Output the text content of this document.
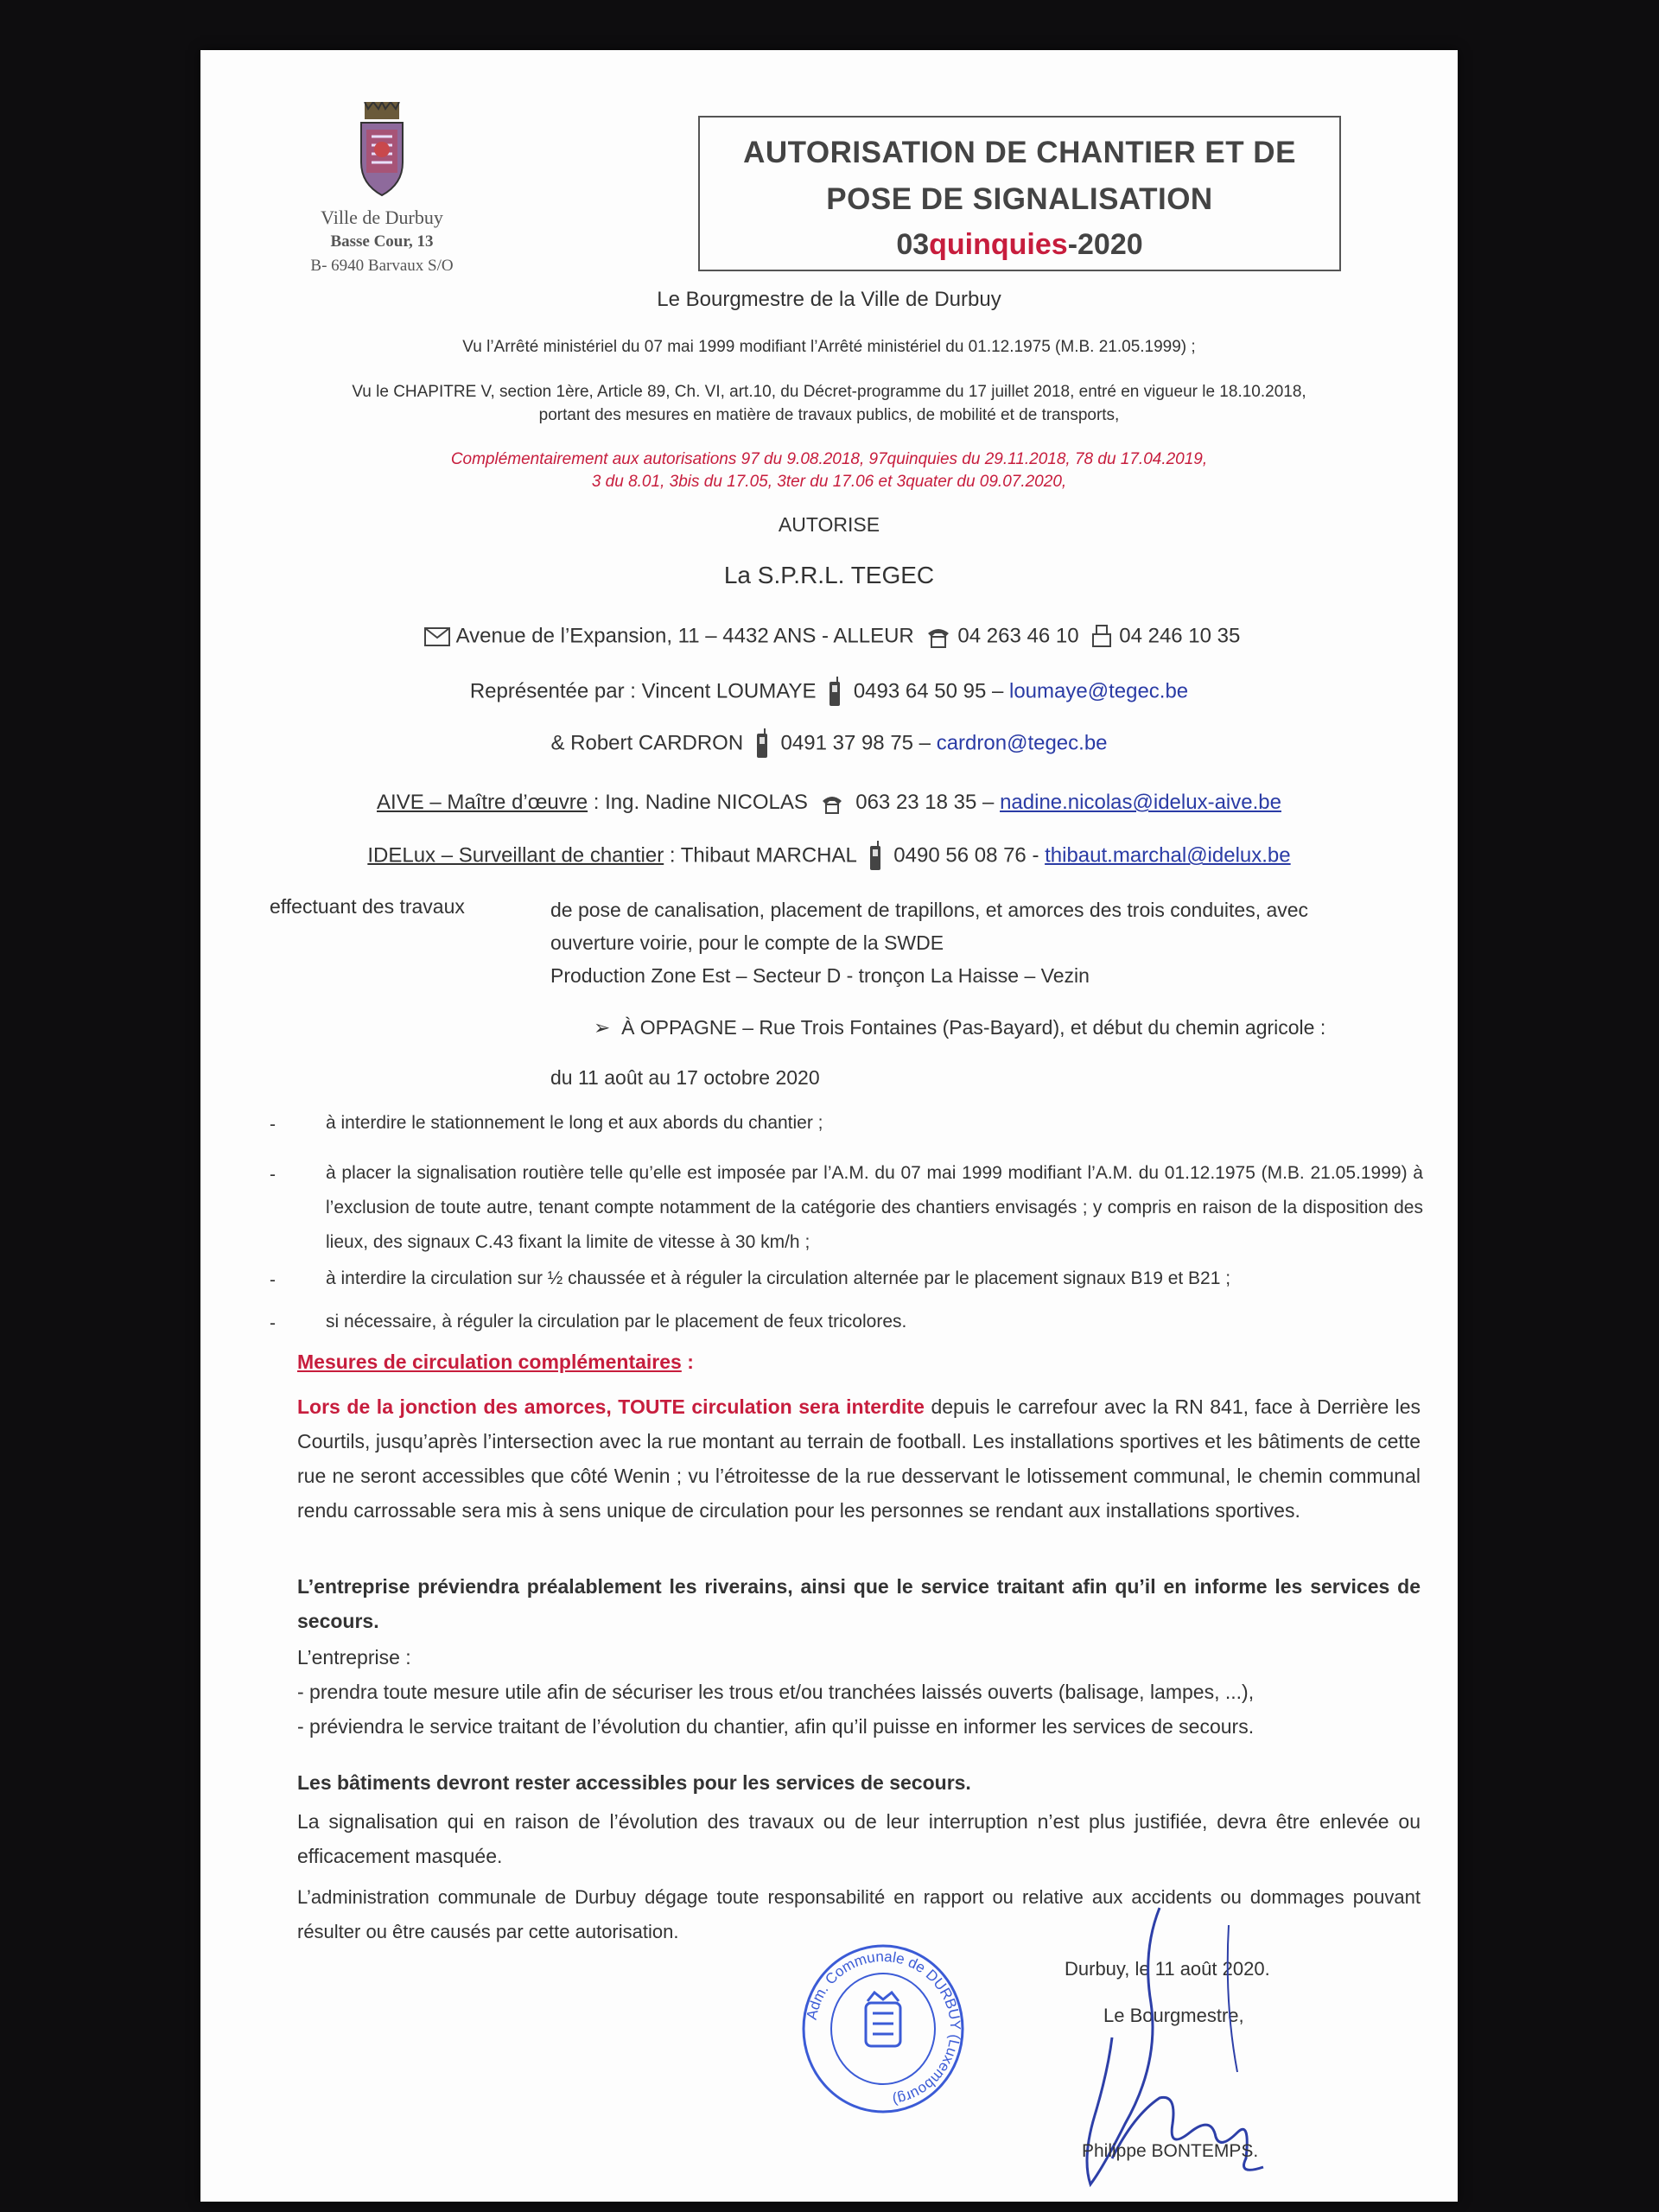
Ville de Durbuy
Basse Cour, 13
B- 6940 Barvaux S/O
AUTORISATION DE CHANTIER ET DE
POSE DE SIGNALISATION
03quinquies-2020
Le Bourgmestre de la Ville de Durbuy
Vu l’Arrêté ministériel du 07 mai 1999 modifiant l’Arrêté ministériel du 01.12.1975 (M.B. 21.05.1999) ;
Vu le CHAPITRE V, section 1ère, Article 89, Ch. VI, art.10, du Décret-programme du 17 juillet 2018, entré en vigueur le 18.10.2018,
portant des mesures en matière de travaux publics, de mobilité et de transports,
Complémentairement aux autorisations 97 du 9.08.2018, 97quinquies du 29.11.2018, 78 du 17.04.2019,
3 du 8.01, 3bis du 17.05, 3ter du 17.06 et 3quater du 09.07.2020,
AUTORISE
La S.P.R.L. TEGEC
Avenue de l’Expansion, 11 – 4432 ANS - ALLEUR 04 263 46 10 04 246 10 35
Représentée par : Vincent LOUMAYE 0493 64 50 95 – loumaye@tegec.be
& Robert CARDRON 0491 37 98 75 – cardron@tegec.be
AIVE – Maître d’œuvre : Ing. Nadine NICOLAS 063 23 18 35 – nadine.nicolas@idelux-aive.be
IDELux – Surveillant de chantier : Thibaut MARCHAL 0490 56 08 76 - thibaut.marchal@idelux.be
effectuant des travaux	de pose de canalisation, placement de trapillons, et amorces des trois conduites, avec
ouverture voirie, pour le compte de la SWDE
Production Zone Est – Secteur D - tronçon La Haisse – Vezin
➢  À OPPAGNE – Rue Trois Fontaines (Pas-Bayard), et début du chemin agricole :
du 11 août au 17 octobre 2020
-	à interdire le stationnement le long et aux abords du chantier ;
-	à placer la signalisation routière telle qu’elle est imposée par l’A.M. du 07 mai 1999 modifiant l’A.M. du 01.12.1975 (M.B. 21.05.1999) à l’exclusion de toute autre, tenant compte notamment de la catégorie des chantiers envisagés ; y compris en raison de la disposition des lieux, des signaux C.43 fixant la limite de vitesse à 30 km/h ;
-	à interdire la circulation sur ½ chaussée et à réguler la circulation alternée par le placement signaux B19 et B21 ;
-	si nécessaire, à réguler la circulation par le placement de feux tricolores.
Mesures de circulation complémentaires :
Lors de la jonction des amorces, TOUTE circulation sera interdite depuis le carrefour avec la RN 841, face à Derrière les Courtils, jusqu’après l’intersection avec la rue montant au terrain de football. Les installations sportives et les bâtiments de cette rue ne seront accessibles que côté Wenin ; vu l’étroitesse de la rue desservant le lotissement communal, le chemin communal rendu carrossable sera mis à sens unique de circulation pour les personnes se rendant aux installations sportives.
L’entreprise préviendra préalablement les riverains, ainsi que le service traitant afin qu’il en informe les services de secours.
L’entreprise :
- prendra toute mesure utile afin de sécuriser les trous et/ou tranchées laissés ouverts (balisage, lampes, ...),
- préviendra le service traitant de l’évolution du chantier, afin qu’il puisse en informer les services de secours.
Les bâtiments devront rester accessibles pour les services de secours.
La signalisation qui en raison de l’évolution des travaux ou de leur interruption n’est plus justifiée, devra être enlevée ou efficacement masquée.
L’administration communale de Durbuy dégage toute responsabilité en rapport ou relative aux accidents ou dommages pouvant résulter ou être causés par cette autorisation.
Adm. Communale de DURBUY (Luxembourg)
Durbuy, le 11 août 2020.
Le Bourgmestre,
Philippe BONTEMPS.
